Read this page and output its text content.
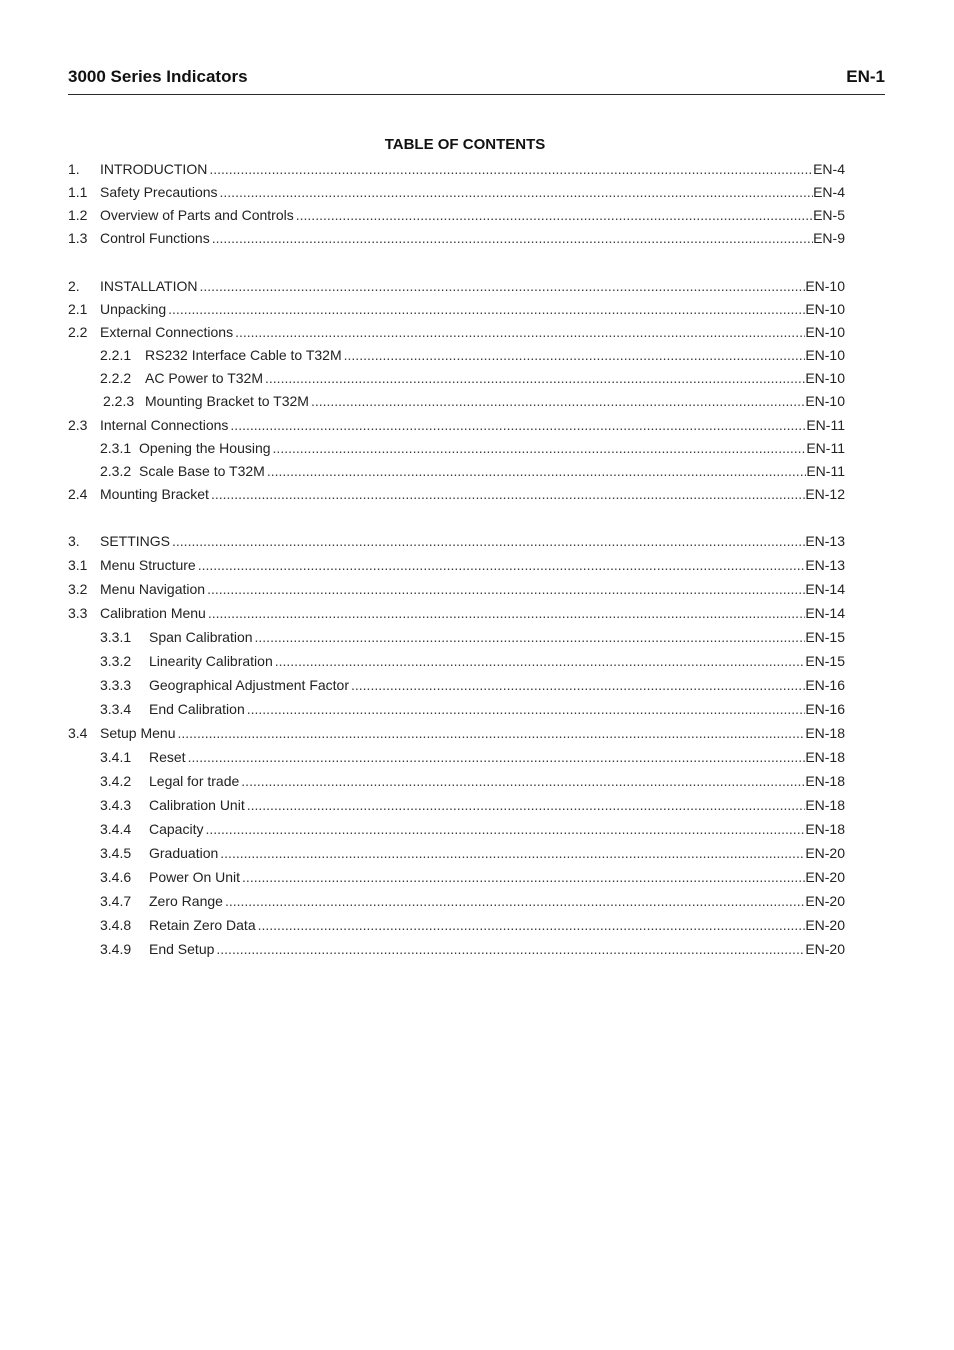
3000 Series Indicators	EN-1
TABLE OF CONTENTS
1.	INTRODUCTION .....	EN-4
1.1 Safety Precautions .....	EN-4
1.2 Overview of Parts and Controls .....	EN-5
1.3 Control Functions .....	EN-9
2.	INSTALLATION .....	EN-10
2.1 Unpacking .....	EN-10
2.2 External Connections .....	EN-10
2.2.1 RS232 Interface Cable to T32M .....	EN-10
2.2.2 AC Power to T32M .....	EN-10
2.2.3 Mounting Bracket to T32M .....	EN-10
2.3 Internal Connections .....	EN-11
2.3.1 Opening the Housing .....	EN-11
2.3.2 Scale Base to T32M .....	EN-11
2.4 Mounting Bracket .....	EN-12
3.	SETTINGS .....	EN-13
3.1 Menu Structure .....	EN-13
3.2 Menu Navigation .....	EN-14
3.3 Calibration Menu .....	EN-14
3.3.1	Span Calibration .....	EN-15
3.3.2	Linearity Calibration .....	EN-15
3.3.3	Geographical Adjustment Factor .....	EN-16
3.3.4	End Calibration .....	EN-16
3.4 Setup Menu .....	EN-18
3.4.1	Reset .....	EN-18
3.4.2	Legal for trade .....	EN-18
3.4.3	Calibration Unit .....	EN-18
3.4.4	Capacity .....	EN-18
3.4.5	Graduation .....	EN-20
3.4.6	Power On Unit .....	EN-20
3.4.7	Zero Range .....	EN-20
3.4.8	Retain Zero Data .....	EN-20
3.4.9	End Setup .....	EN-20
